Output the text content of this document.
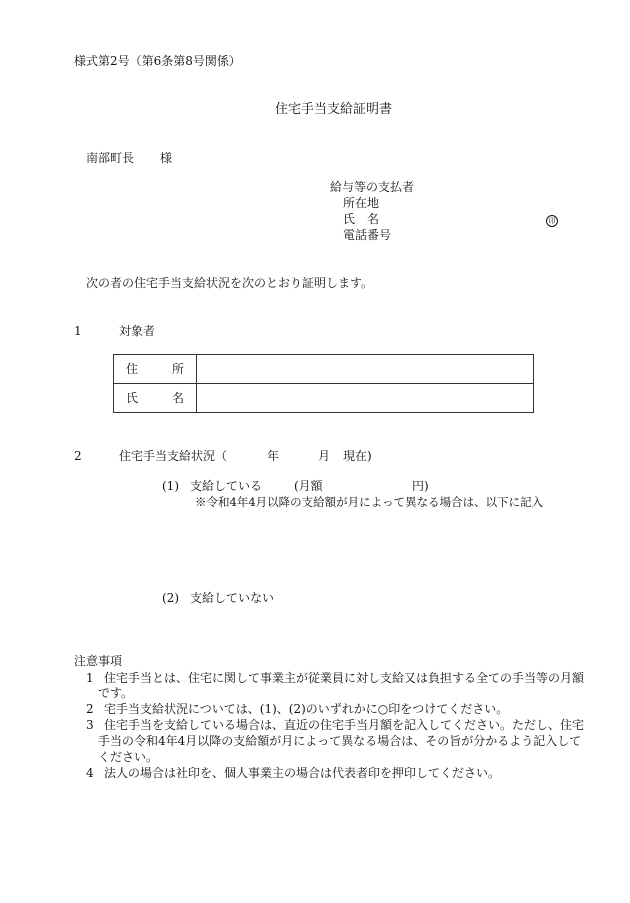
様式第2号（第6条第8号関係）
住宅手当支給証明書
南部町長 様
給与等の支払者
所在地
氏 名	印
電話番号
次の者の住宅手当支給状況を次のとおり証明します。
1	対象者
住 所	

氏 名	

2	住宅手当支給状況（	年	月 現在)
(1) 支給している	(月額	円)
※令和4年4月以降の支給額が月によって異なる場合は、以下に記入
(2) 支給していない
注意事項
1 住宅手当とは、住宅に関して事業主が従業員に対し支給又は負担する全ての手当等の月額
です。
2 宅手当支給状況については、(1)、(2)のいずれかに○印をつけてください。
3 住宅手当を支給している場合は、直近の住宅手当月額を記入してください。ただし、住宅
手当の令和4年4月以降の支給額が月によって異なる場合は、その旨が分かるよう記入して
ください。
4 法人の場合は社印を、個人事業主の場合は代表者印を押印してください。
